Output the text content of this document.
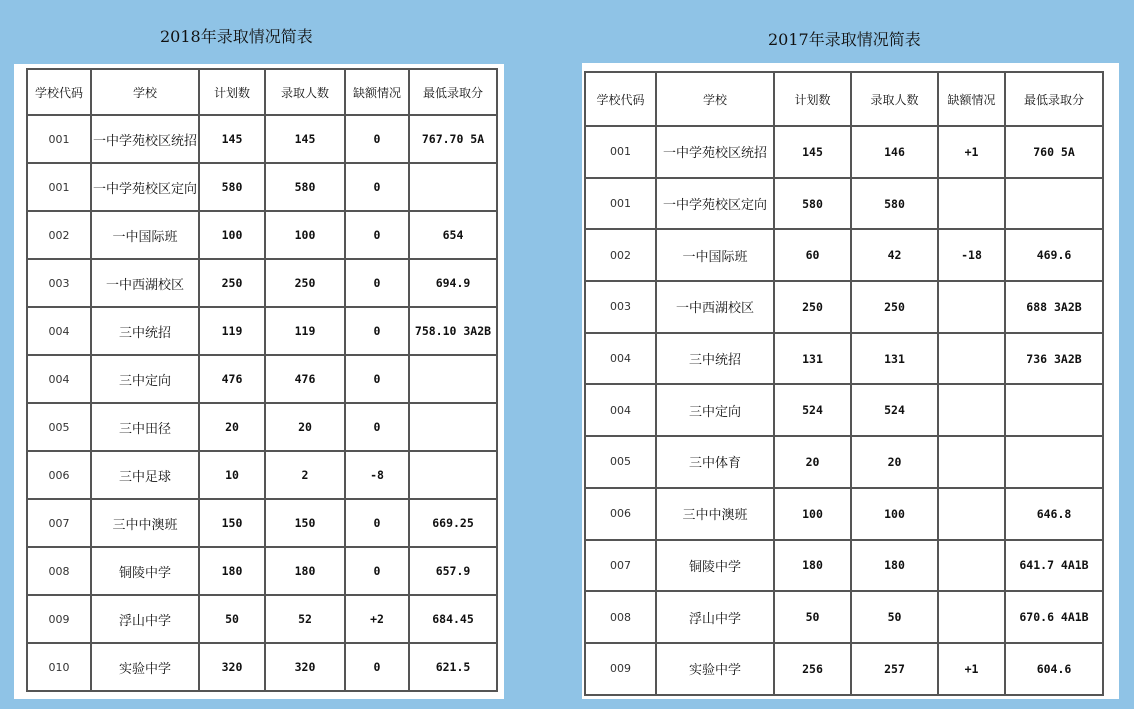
2018年录取情况简表	2017年录取情况简表
学校代码	学校	计划数	录取人数	缺额情况	最低录取分
001	一中学苑校区统招	145	145	0	767.70 5A
001	一中学苑校区定向	580	580	0	
002	一中国际班	100	100	0	654
003	一中西湖校区	250	250	0	694.9
004	三中统招	119	119	0	758.10 3A2B
004	三中定向	476	476	0	
005	三中田径	20	20	0	
006	三中足球	10	2	-8	
007	三中中澳班	150	150	0	669.25
008	铜陵中学	180	180	0	657.9
009	浮山中学	50	52	+2	684.45
010	实验中学	320	320	0	621.5
学校代码	学校	计划数	录取人数	缺额情况	最低录取分
001	一中学苑校区统招	145	146	+1	760 5A
001	一中学苑校区定向	580	580		
002	一中国际班	60	42	-18	469.6
003	一中西湖校区	250	250		688 3A2B
004	三中统招	131	131		736 3A2B
004	三中定向	524	524		
005	三中体育	20	20		
006	三中中澳班	100	100		646.8
007	铜陵中学	180	180		641.7 4A1B
008	浮山中学	50	50		670.6 4A1B
009	实验中学	256	257	+1	604.6
